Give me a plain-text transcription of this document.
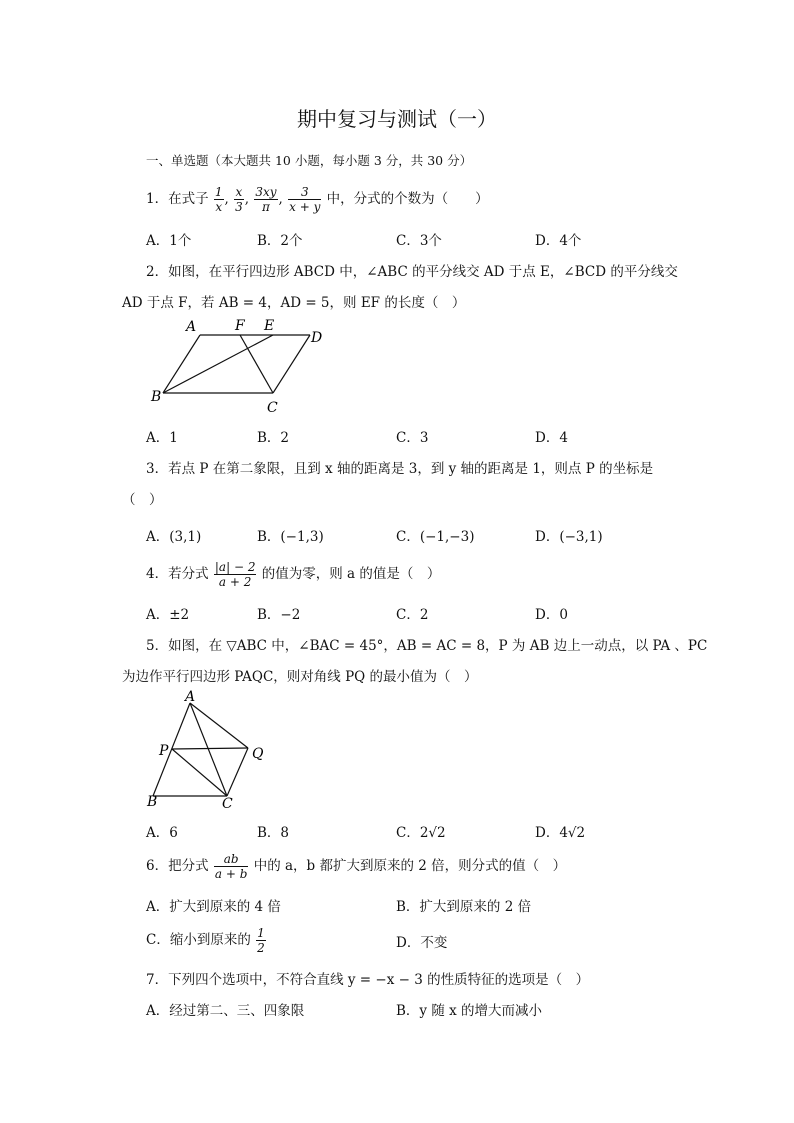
期中复习与测试（一）
一、单选题（本大题共 10 小题，每小题 3 分，共 30 分）
1．在式子 $\frac{1}{x}$ , $\frac{x}{3}$ , $\frac{3xy}{\pi}$ , $\frac{3}{x + y}$ 中，分式的个数为（　　）
A．1个	B．2个	C．3个	D．4个
2．如图，在平行四边形 ABCD 中，∠ABC 的平分线交 AD 于点 E，∠BCD 的平分线交
AD 于点 F，若 AB = 4，AD = 5，则 EF 的长度（　）
A	F E
D
B
C
A．1	B．2	C．3	D．4
3．若点 P 在第二象限，且到 x 轴的距离是 3，到 y 轴的距离是 1，则点 P 的坐标是
（　）
A．(3,1)	B．(−1,3)	C．(−1,−3)	D．(−3,1)
4．若分式 $\frac{|a| - 2}{a + 2}$ 的值为零，则 a 的值是（　）
A．±2	B．−2	C．2	D．0
5．如图，在 ▽ABC 中，∠BAC = 45°，AB = AC = 8，P 为 AB 边上一动点，以 PA 、PC
为边作平行四边形 PAQC，则对角线 PQ 的最小值为（　）
A
P	Q
B	C
A．6	B．8	C．2√2	D．4√2
6．把分式 $\frac{ab}{a + b}$ 中的 a，b 都扩大到原来的 2 倍，则分式的值（　）
A．扩大到原来的 4 倍	B．扩大到原来的 2 倍
C．缩小到原来的 $\frac{1}{2}$	D．不变
7．下列四个选项中，不符合直线 y = −x − 3 的性质特征的选项是（　）
A．经过第二、三、四象限	B．y 随 x 的增大而减小
